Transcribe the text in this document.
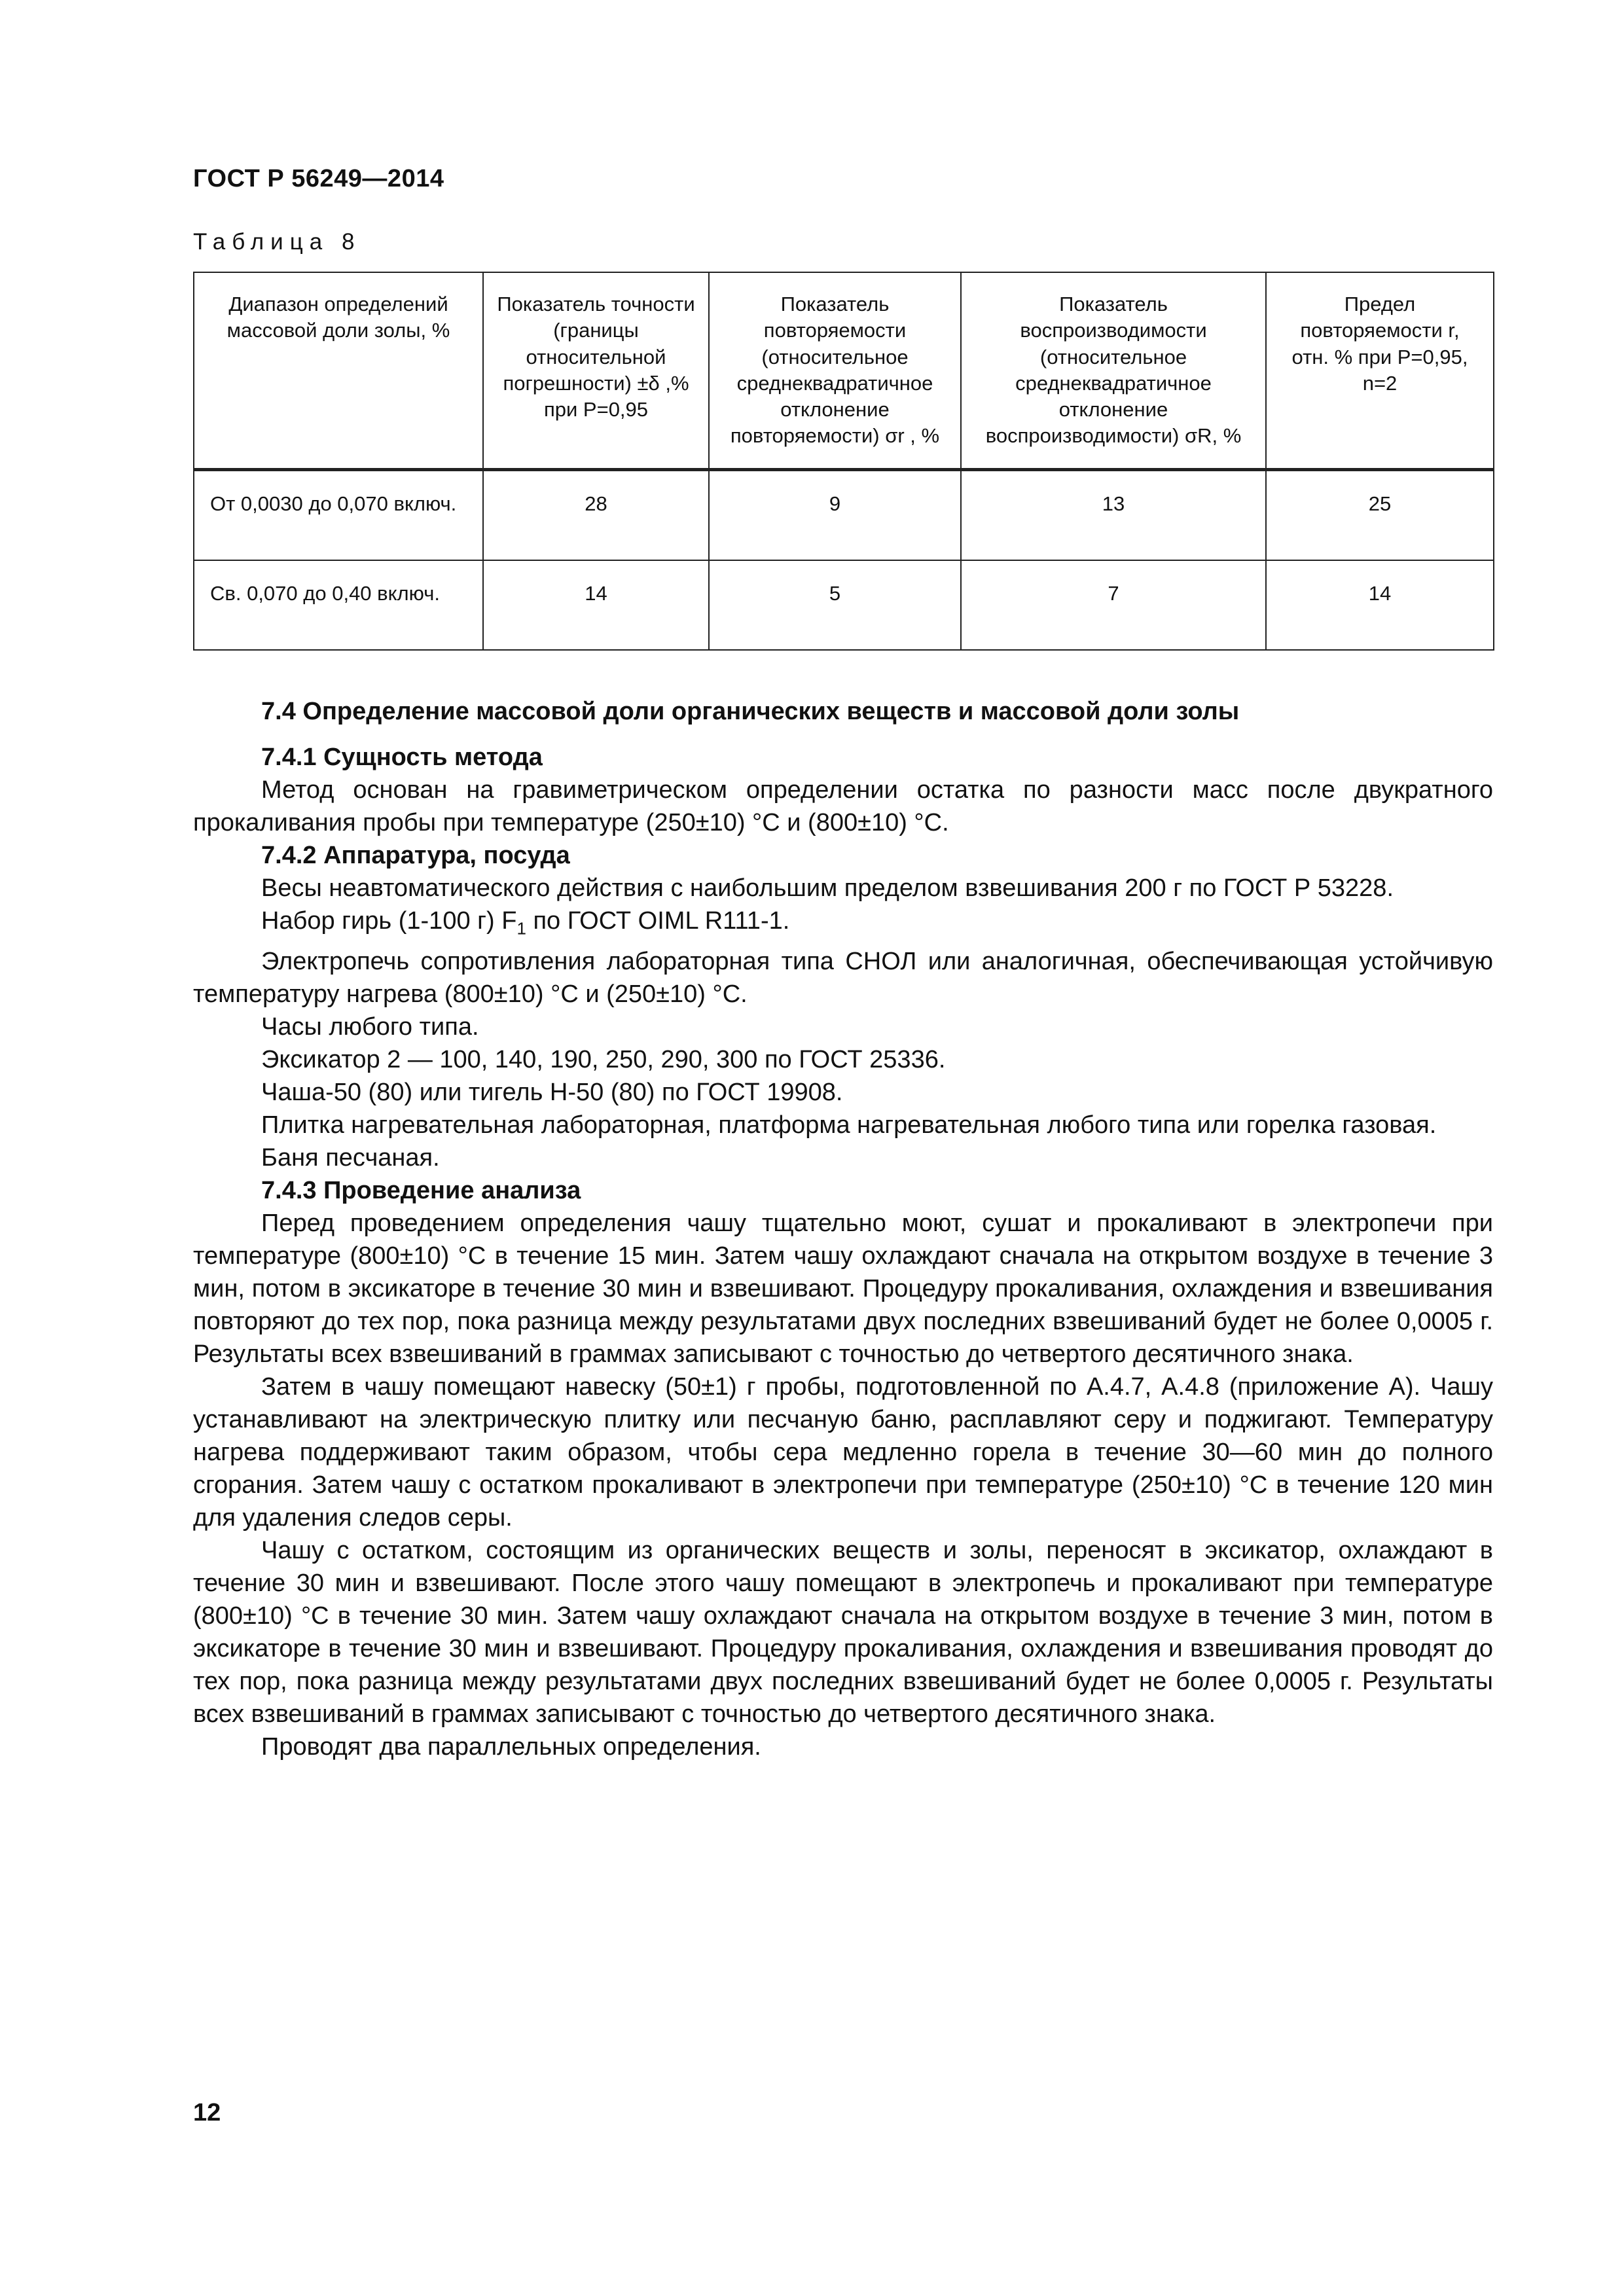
ГОСТ Р 56249—2014
Таблица 8
Диапазон определений массовой доли золы, %	Показатель точности (границы относительной погрешности) ±δ ,% при Р=0,95	Показатель повторяемости (относительное среднеквадратичное отклонение повторяемости) σr , %	Показатель воспроизводимости (относительное среднеквадратичное отклонение воспроизводимости) σR, %	Предел повторяемости r, отн. % при Р=0,95, n=2
От 0,0030 до 0,070 включ.	28	9	13	25
Св. 0,070 до 0,40 включ.	14	5	7	14

7.4 Определение массовой доли органических веществ и массовой доли золы

7.4.1 Сущность метода

Метод основан на гравиметрическом определении остатка по разности масс после двукратного прокаливания пробы при температуре (250±10) °С и (800±10) °С.

7.4.2 Аппаратура, посуда

Весы неавтоматического действия с наибольшим пределом взвешивания 200 г по ГОСТ Р 53228.

Набор гирь (1-100 г) $F_1$ по ГОСТ OIML R111-1.

Электропечь сопротивления лабораторная типа СНОЛ или аналогичная, обеспечивающая устойчивую температуру нагрева (800±10) °С и (250±10) °С.

Часы любого типа.

Эксикатор 2 — 100, 140, 190, 250, 290, 300 по ГОСТ 25336.

Чаша-50 (80) или тигель Н-50 (80) по ГОСТ 19908.

Плитка нагревательная лабораторная, платформа нагревательная любого типа или горелка газовая.

Баня песчаная.

7.4.3 Проведение анализа

Перед проведением определения чашу тщательно моют, сушат и прокаливают в электропечи при температуре (800±10) °С в течение 15 мин. Затем чашу охлаждают сначала на открытом воздухе в течение 3 мин, потом в эксикаторе в течение 30 мин и взвешивают. Процедуру прокаливания, охлаждения и взвешивания повторяют до тех пор, пока разница между результатами двух последних взвешиваний будет не более 0,0005 г. Результаты всех взвешиваний в граммах записывают с точностью до четвертого десятичного знака.

Затем в чашу помещают навеску (50±1) г пробы, подготовленной по А.4.7, А.4.8 (приложение А). Чашу устанавливают на электрическую плитку или песчаную баню, расплавляют серу и поджигают. Температуру нагрева поддерживают таким образом, чтобы сера медленно горела в течение 30—60 мин до полного сгорания. Затем чашу с остатком прокаливают в электропечи при температуре (250±10) °С в течение 120 мин для удаления следов серы.

Чашу с остатком, состоящим из органических веществ и золы, переносят в эксикатор, охлаждают в течение 30 мин и взвешивают. После этого чашу помещают в электропечь и прокаливают при температуре (800±10) °С в течение 30 мин. Затем чашу охлаждают сначала на открытом воздухе в течение 3 мин, потом в эксикаторе в течение 30 мин и взвешивают. Процедуру прокаливания, охлаждения и взвешивания проводят до тех пор, пока разница между результатами двух последних взвешиваний будет не более 0,0005 г. Результаты всех взвешиваний в граммах записывают с точностью до четвертого десятичного знака.

Проводят два параллельных определения.

12
